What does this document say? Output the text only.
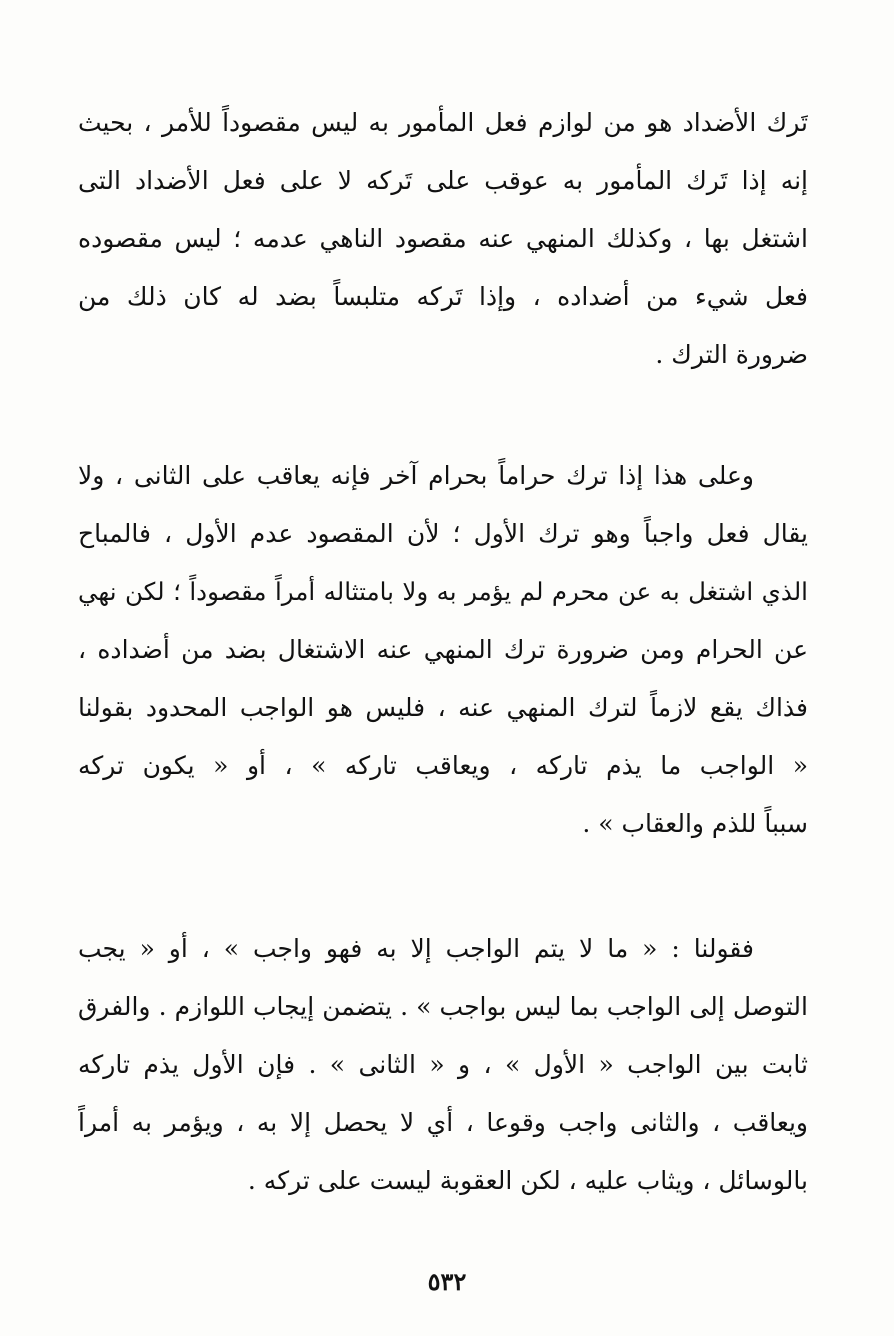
تَرك الأضداد هو من لوازم فعل المأمور به ليس مقصوداً للأمر ، بحيث
إنه إذا تَرك المأمور به عوقب على تَركه لا على فعل الأضداد التى
اشتغل بها ، وكذلك المنهي عنه مقصود الناهي عدمه ؛ ليس مقصوده
فعل شيء من أضداده ، وإذا تَركه متلبساً بضد له كان ذلك من
ضرورة الترك .
وعلى هذا إذا ترك حراماً بحرام آخر فإنه يعاقب على الثانى ، ولا
يقال فعل واجباً وهو ترك الأول ؛ لأن المقصود عدم الأول ، فالمباح
الذي اشتغل به عن محرم لم يؤمر به ولا بامتثاله أمراً مقصوداً ؛ لكن نهي
عن الحرام ومن ضرورة ترك المنهي عنه الاشتغال بضد من أضداده ،
فذاك يقع لازماً لترك المنهي عنه ، فليس هو الواجب المحدود بقولنا
« الواجب ما يذم تاركه ، ويعاقب تاركه » ، أو « يكون تركه
سبباً للذم والعقاب » .
فقولنا : « ما لا يتم الواجب إلا به فهو واجب » ، أو « يجب
التوصل إلى الواجب بما ليس بواجب » . يتضمن إيجاب اللوازم . والفرق
ثابت بين الواجب « الأول » ، و « الثانى » . فإن الأول يذم تاركه
ويعاقب ، والثانى واجب وقوعا ، أي لا يحصل إلا به ، ويؤمر به أمراً
بالوسائل ، ويثاب عليه ، لكن العقوبة ليست على تركه .
٥٣٢
